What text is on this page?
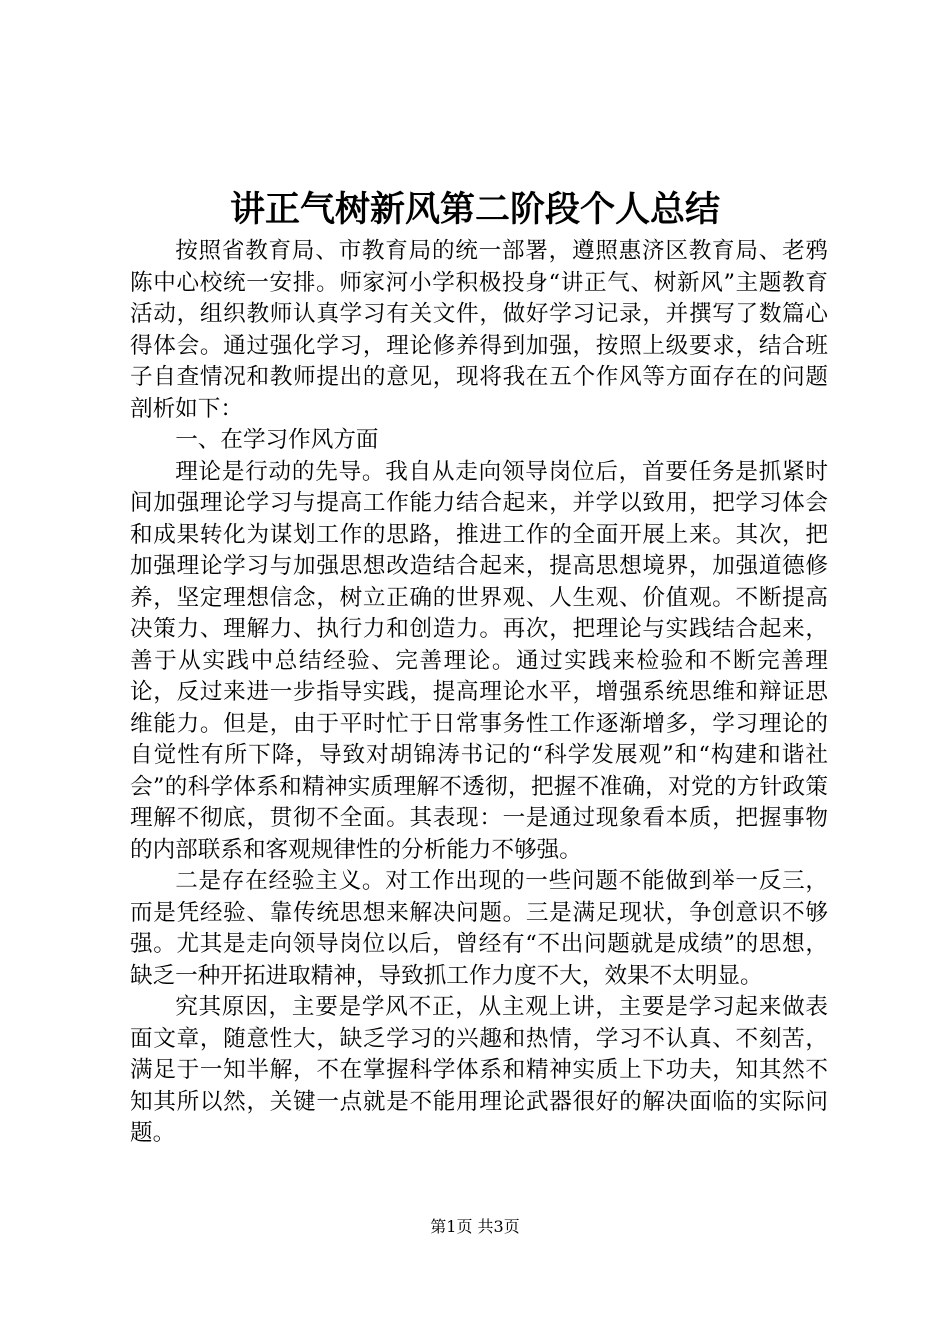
讲正气树新风第二阶段个人总结

按照省教育局、市教育局的统一部署，遵照惠济区教育局、老鸦陈中心校统一安排。师家河小学积极投身“讲正气、树新风”主题教育活动，组织教师认真学习有关文件，做好学习记录，并撰写了数篇心得体会。通过强化学习，理论修养得到加强，按照上级要求，结合班子自查情况和教师提出的意见，现将我在五个作风等方面存在的问题剖析如下：

一、在学习作风方面

理论是行动的先导。我自从走向领导岗位后，首要任务是抓紧时间加强理论学习与提高工作能力结合起来，并学以致用，把学习体会和成果转化为谋划工作的思路，推进工作的全面开展上来。其次，把加强理论学习与加强思想改造结合起来，提高思想境界，加强道德修养，坚定理想信念，树立正确的世界观、人生观、价值观。不断提高决策力、理解力、执行力和创造力。再次，把理论与实践结合起来，善于从实践中总结经验、完善理论。通过实践来检验和不断完善理论，反过来进一步指导实践，提高理论水平，增强系统思维和辩证思维能力。但是，由于平时忙于日常事务性工作逐渐增多，学习理论的自觉性有所下降，导致对胡锦涛书记的“科学发展观”和“构建和谐社会”的科学体系和精神实质理解不透彻，把握不准确，对党的方针政策理解不彻底，贯彻不全面。其表现：一是通过现象看本质，把握事物的内部联系和客观规律性的分析能力不够强。

二是存在经验主义。对工作出现的一些问题不能做到举一反三，而是凭经验、靠传统思想来解决问题。三是满足现状，争创意识不够强。尤其是走向领导岗位以后，曾经有“不出问题就是成绩”的思想，缺乏一种开拓进取精神，导致抓工作力度不大，效果不太明显。

究其原因，主要是学风不正，从主观上讲，主要是学习起来做表面文章，随意性大，缺乏学习的兴趣和热情，学习不认真、不刻苦，满足于一知半解，不在掌握科学体系和精神实质上下功夫，知其然不知其所以然，关键一点就是不能用理论武器很好的解决面临的实际问题。

第1页 共3页
